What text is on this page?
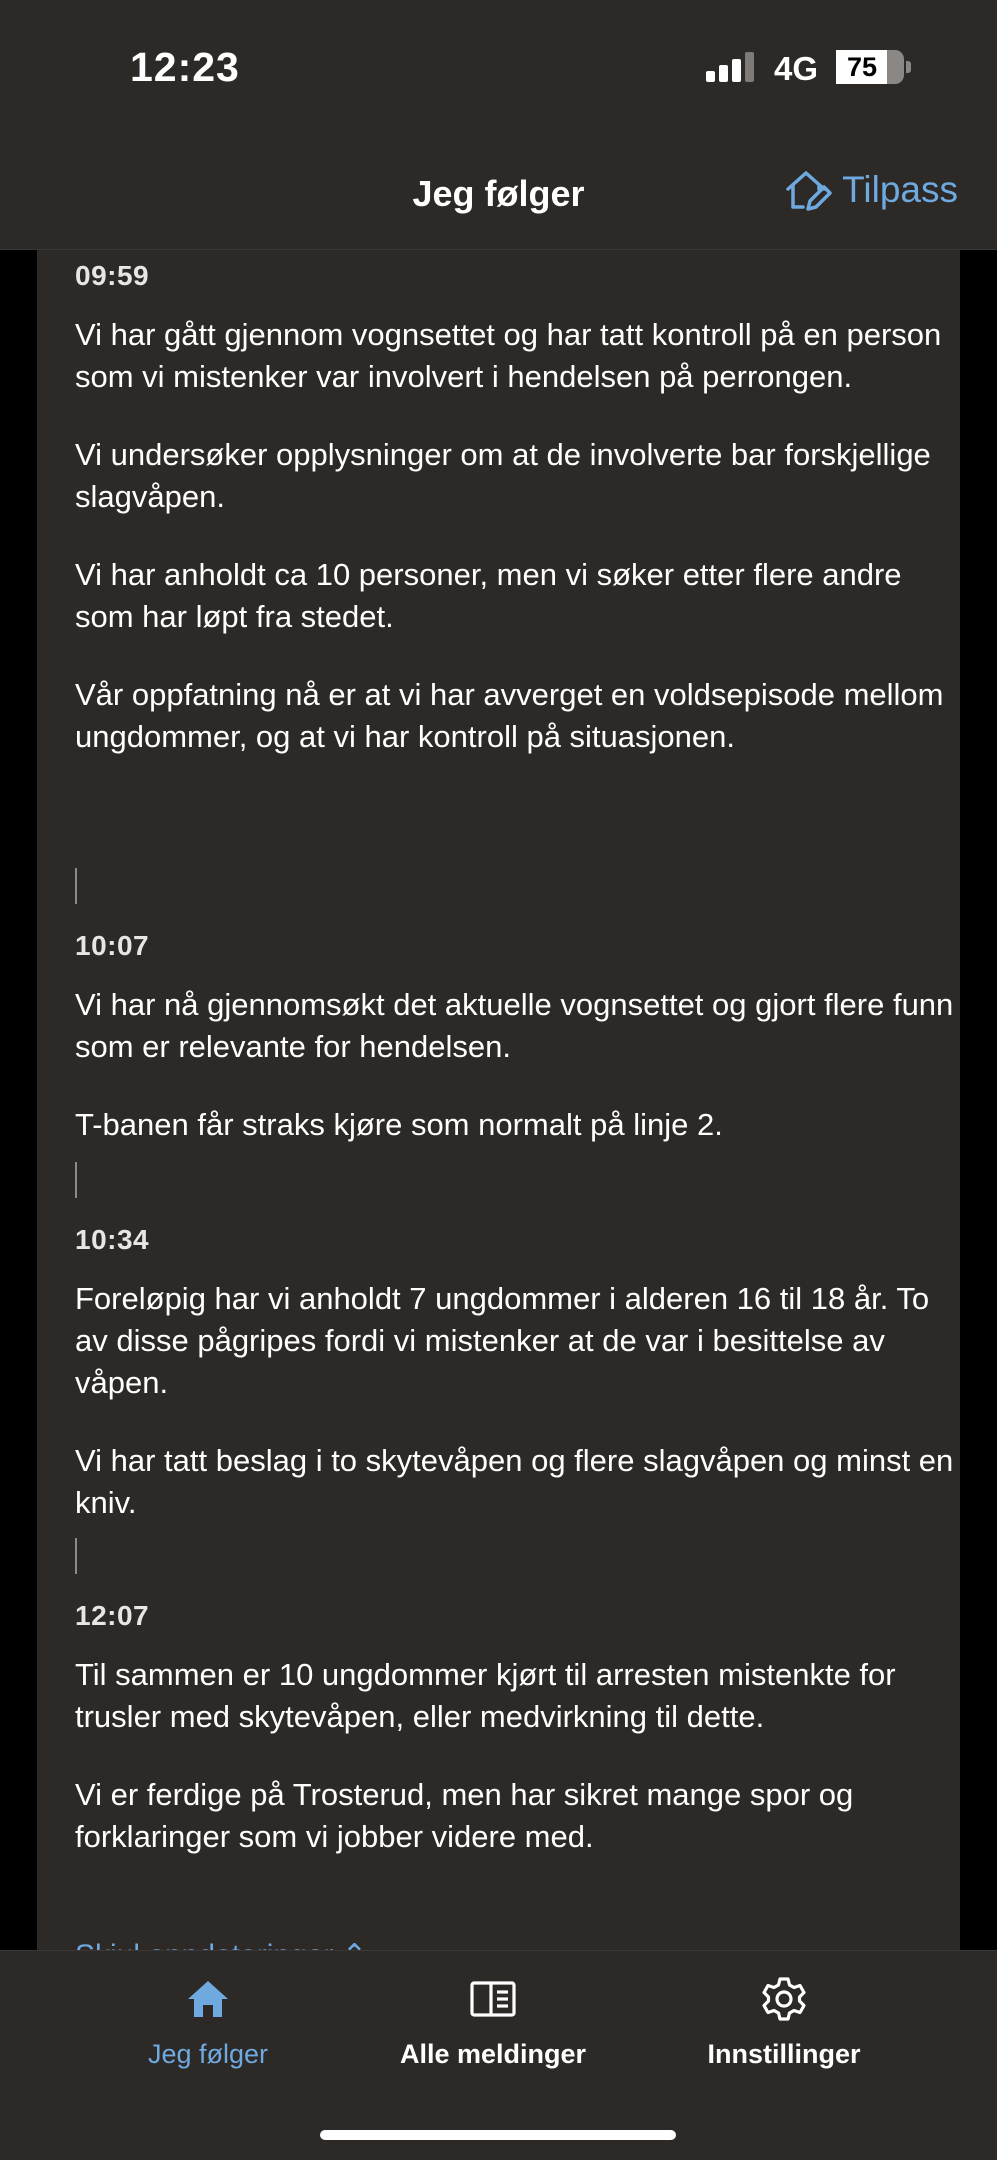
12:23	4G	75
Jeg følger	Tilpass
09:59

Vi har gått gjennom vognsettet og har tatt kontroll på en person som vi mistenker var involvert i hendelsen på perrongen.

Vi undersøker opplysninger om at de involverte bar forskjellige slagvåpen.

Vi har anholdt ca 10 personer, men vi søker etter flere andre som har løpt fra stedet.

Vår oppfatning nå er at vi har avverget en voldsepisode mellom ungdommer, og at vi har kontroll på situasjonen.

10:07

Vi har nå gjennomsøkt det aktuelle vognsettet og gjort flere funn som er relevante for hendelsen.

T-banen får straks kjøre som normalt på linje 2.

10:34

Foreløpig har vi anholdt 7 ungdommer i alderen 16 til 18 år. To av disse pågripes fordi vi mistenker at de var i besittelse av våpen.

Vi har tatt beslag i to skytevåpen og flere slagvåpen og minst en kniv.

12:07

Til sammen er 10 ungdommer kjørt til arresten mistenkte for trusler med skytevåpen, eller medvirkning til dette.

Vi er ferdige på Trosterud, men har sikret mange spor og forklaringer som vi jobber videre med.

Jeg følger	Alle meldinger	Innstillinger
